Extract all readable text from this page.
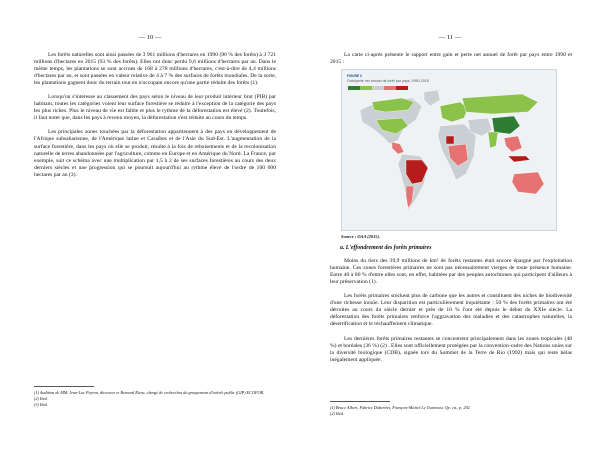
— 10 —

Les forêts naturelles sont ainsi passées de 3 961 millions d'hectares en 1990 (96 % des forêts) à 3 721 millions d'hectares en 2015 (93 % des forêts). Elles ont donc perdu 9,6 millions d'hectares par an. Dans le même temps, les plantations se sont accrues de 168 à 278 millions d'hectares, c'est-à-dire de 4,4 millions d'hectares par an, et sont passées en valeur relative de 4 à 7 % des surfaces de forêts mondiales. De la sorte, les plantations gagnent donc du terrain tout en n'occupant encore qu'une partie réduite des forêts (1).

Lorsqu'on s'intéresse au classement des pays selon le niveau de leur produit intérieur brut (PIB) par habitant, toutes les catégories voient leur surface forestière se réduire à l'exception de la catégorie des pays les plus riches. Plus le niveau de vie est faible et plus le rythme de la déforestation est élevé (2). Toutefois, il faut noter que, dans les pays à revenu moyen, la déforestation s'est réduite au cours du temps.

Les principales zones touchées par la déforestation appartiennent à des pays en développement de l'Afrique subsaharienne, de l'Amérique latine et Caraïbes et de l'Asie du Sud-Est. L'augmentation de la surface forestière, dans les pays où elle se produit, résulte à la fois de reboisements et de la recolonisation naturelle de terres abandonnées par l'agriculture, comme en Europe et en Amérique du Nord. La France, par exemple, suit ce schéma avec une multiplication par 1,5 à 2 de ses surfaces forestières au cours des deux derniers siècles et une progression qui se poursuit aujourd'hui au rythme élevé de l'ordre de 100 000 hectares par an (3).

(1) Audition de MM. Jean-Luc Peyron, directeur et Bernard Riera, chargé de recherches du groupement d'intérêt public (GIP) ECOFOR.
(2) Ibid.
(3) Ibid.
— 11 —

La carte ci-après présente le rapport entre gain et perte net annuel de forêt par pays entre 1990 et 2015 :

FIGURE 3
Gain/perte net annuel de forêt par pays, 1990-2015
Source : OAA (2015).
a. L'effondrement des forêts primaires

Moins du tiers des 39,9 millions de km² de forêts restantes était encore épargné par l'exploitation humaine. Ces zones forestières primaires ne sont pas nécessairement vierges de toute présence humaine. Entre 40 à 80 % d'entre elles sont, en effet, habitées par des peuples autochtones qui participent d'ailleurs à leur préservation (1).

Les forêts primaires stockent plus de carbone que les autres et constituent des niches de biodiversité d'une richesse inouïe. Leur disparition est particulièrement inquiétante : 50 % des forêts primaires ont été détruites au cours du siècle dernier et près de 10 % l'ont été depuis le début du XXIe siècle. La déforestation des forêts primaires renforce l'aggravation des maladies et des catastrophes naturelles, la désertification et le réchauffement climatique.

Les dernières forêts primaires restantes se concentrent principalement dans les zones tropicales (48 %) et boréales (36 %) (2) . Elles sont officiellement protégées par la convention-cadre des Nations unies sur la diversité biologique (CDB), signée lors du Sommet de la Terre de Rio (1992) mais qui reste hélas inégalement appliquée.

(1) Bruce Albert, Fabrice Dubertret, François-Michel Le Tourneau, Op. cit., p. 292.
(2) Ibid.
